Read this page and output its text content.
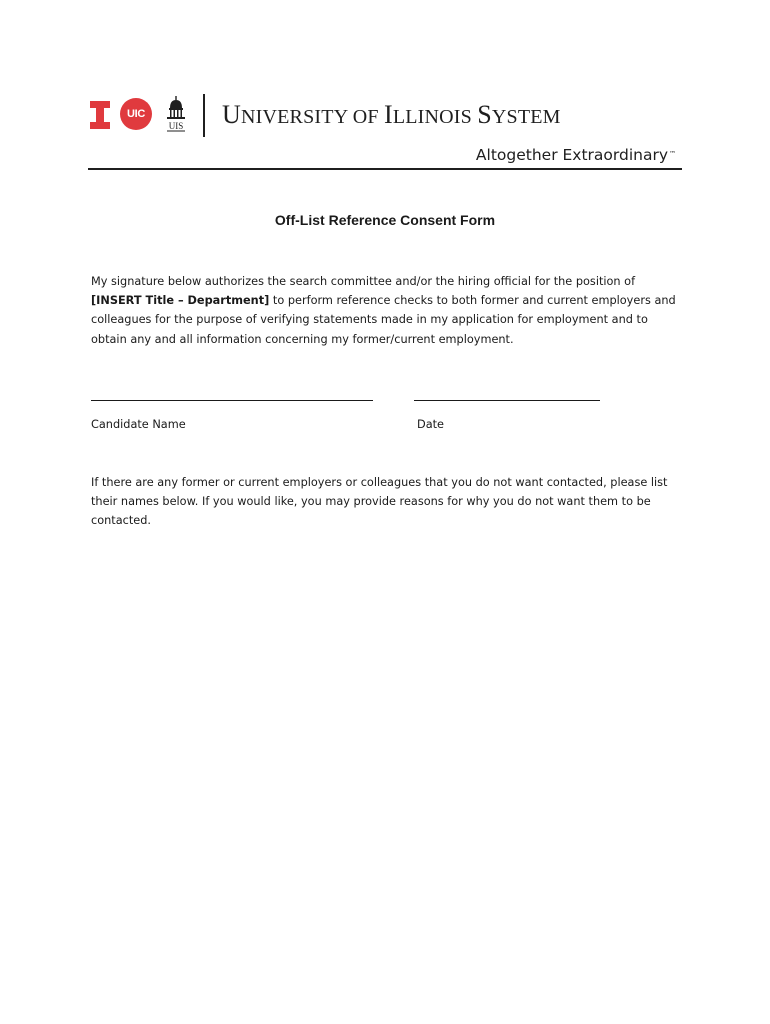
UIC
UIS UNIVERSITY OF ILLINOIS SYSTEM
Altogether Extraordinary™
Off-List Reference Consent Form
My signature below authorizes the search committee and/or the hiring official for the position of
[INSERT Title – Department] to perform reference checks to both former and current employers and
colleagues for the purpose of verifying statements made in my application for employment and to
obtain any and all information concerning my former/current employment.
Candidate Name	Date
If there are any former or current employers or colleagues that you do not want contacted, please list
their names below. If you would like, you may provide reasons for why you do not want them to be
contacted.
